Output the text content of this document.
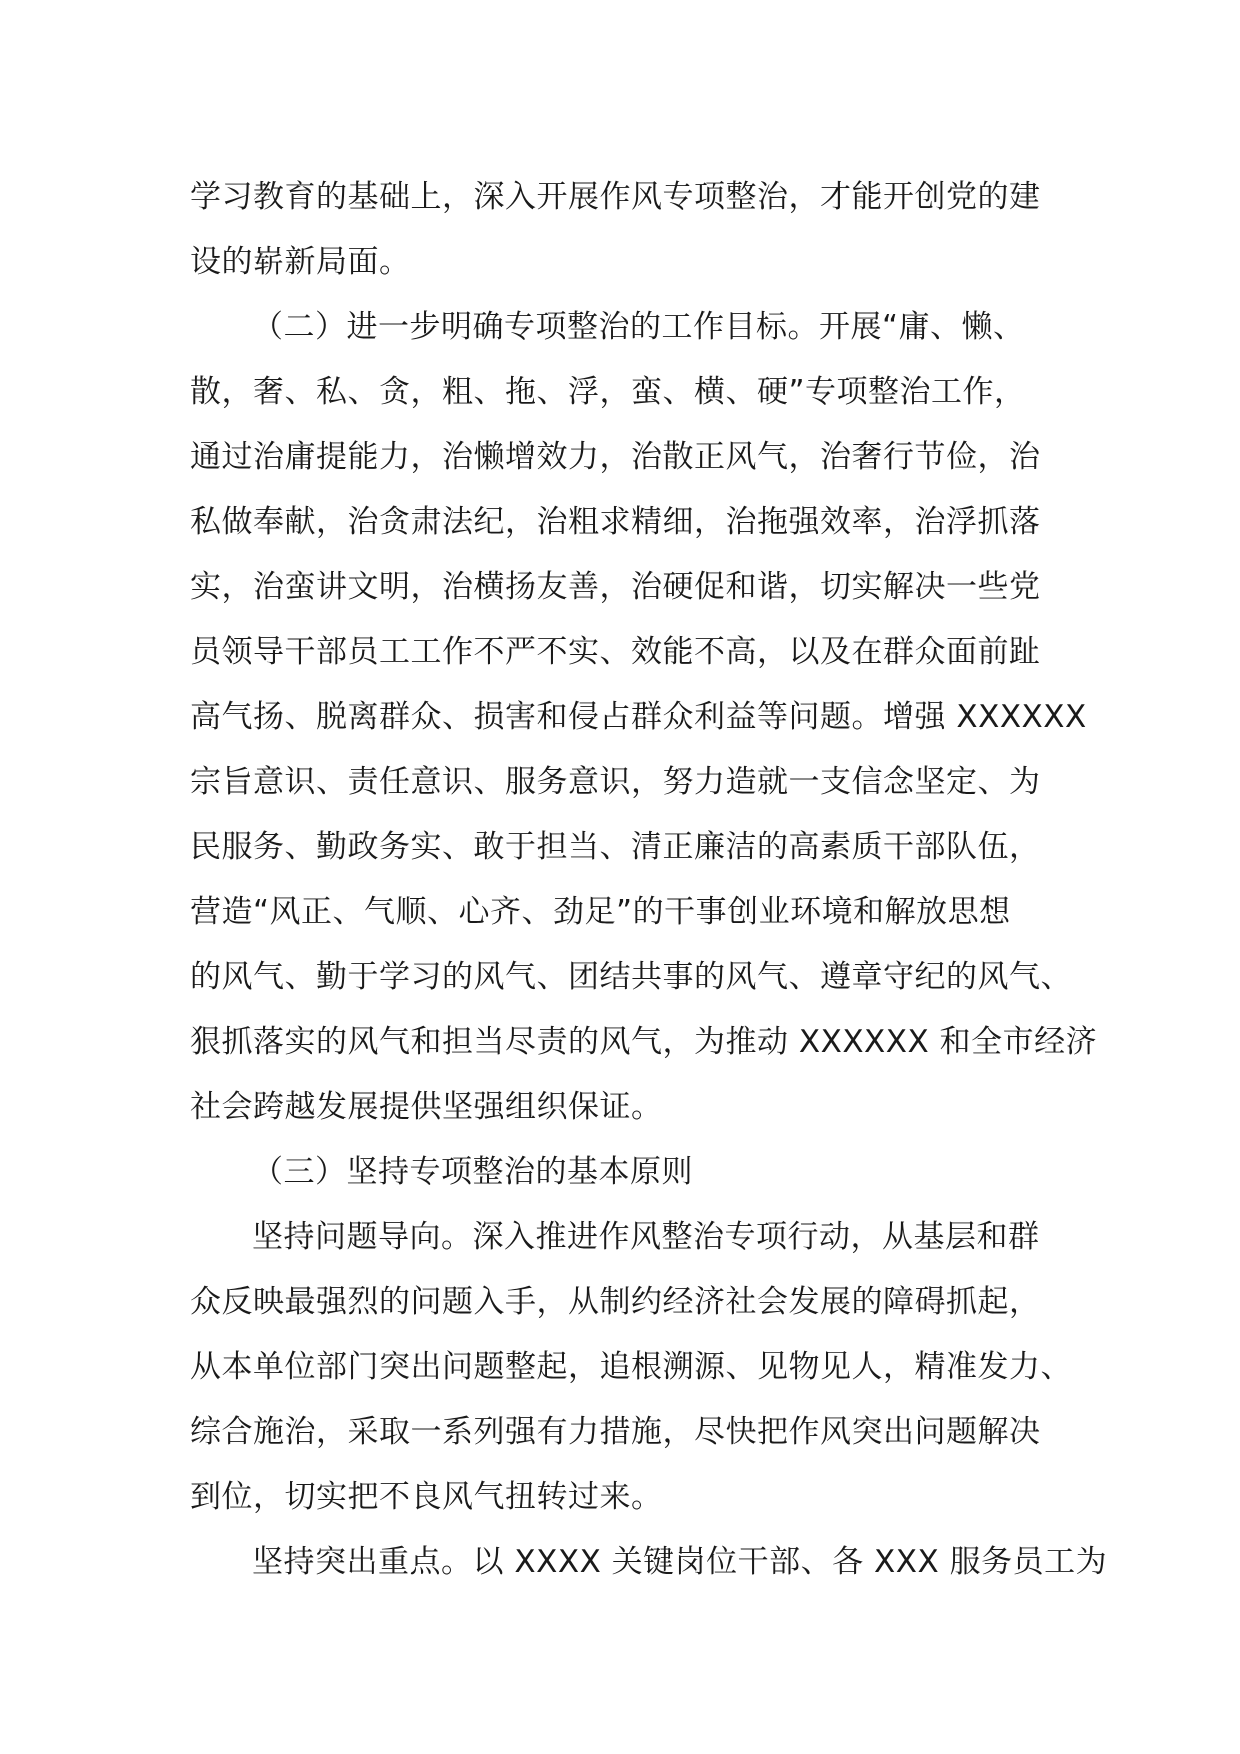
学习教育的基础上，深入开展作风专项整治，才能开创党的建
设的崭新局面。
（二）进一步明确专项整治的工作目标。开展“庸、懒、
散，奢、私、贪，粗、拖、浮，蛮、横、硬”专项整治工作，
通过治庸提能力，治懒增效力，治散正风气，治奢行节俭，治
私做奉献，治贪肃法纪，治粗求精细，治拖强效率，治浮抓落
实，治蛮讲文明，治横扬友善，治硬促和谐，切实解决一些党
员领导干部员工工作不严不实、效能不高，以及在群众面前趾
高气扬、脱离群众、损害和侵占群众利益等问题。增强 XXXXXX
宗旨意识、责任意识、服务意识，努力造就一支信念坚定、为
民服务、勤政务实、敢于担当、清正廉洁的高素质干部队伍，
营造“风正、气顺、心齐、劲足”的干事创业环境和解放思想
的风气、勤于学习的风气、团结共事的风气、遵章守纪的风气、
狠抓落实的风气和担当尽责的风气，为推动 XXXXXX 和全市经济
社会跨越发展提供坚强组织保证。
（三）坚持专项整治的基本原则
坚持问题导向。深入推进作风整治专项行动，从基层和群
众反映最强烈的问题入手，从制约经济社会发展的障碍抓起，
从本单位部门突出问题整起，追根溯源、见物见人，精准发力、
综合施治，采取一系列强有力措施，尽快把作风突出问题解决
到位，切实把不良风气扭转过来。
坚持突出重点。以 XXXX 关键岗位干部、各 XXX 服务员工为
